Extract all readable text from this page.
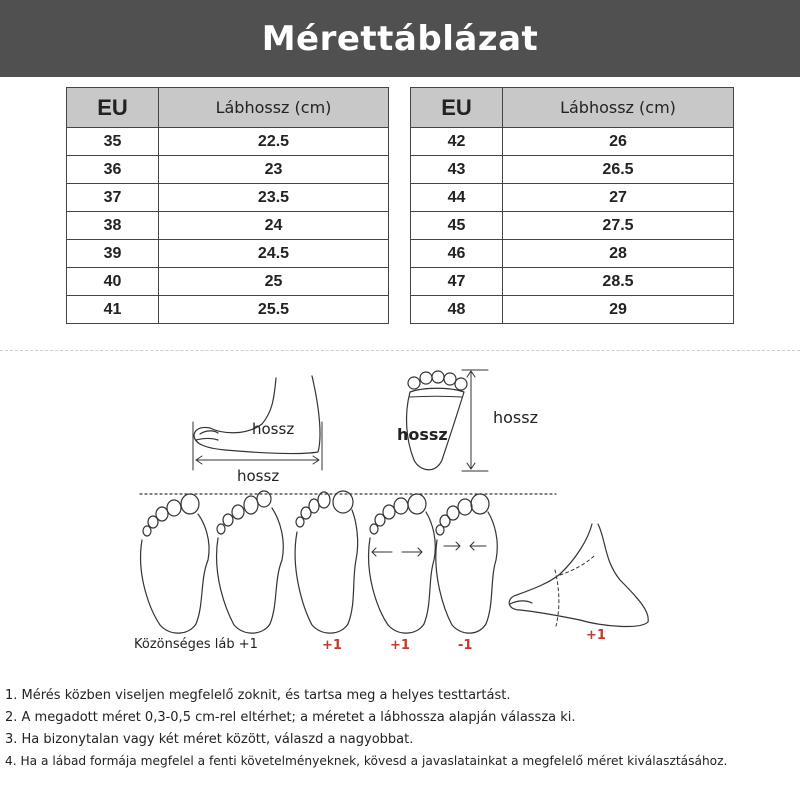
Mérettáblázat
EU	Lábhossz (cm)
35	22.5
36	23
37	23.5
38	24
39	24.5
40	25
41	25.5
EU	Lábhossz (cm)
42	26
43	26.5
44	27
45	27.5
46	28
47	28.5
48	29
hossz
hossz
hossz
hossz
Közönséges láb +1	+1	+1	-1
+1
1. Mérés közben viseljen megfelelő zoknit, és tartsa meg a helyes testtartást.
2. A megadott méret 0,3-0,5 cm-rel eltérhet; a méretet a lábhossza alapján válassza ki.
3. Ha bizonytalan vagy két méret között, válaszd a nagyobbat.
4. Ha a lábad formája megfelel a fenti követelményeknek, kövesd a javaslatainkat a megfelelő méret kiválasztásához.
